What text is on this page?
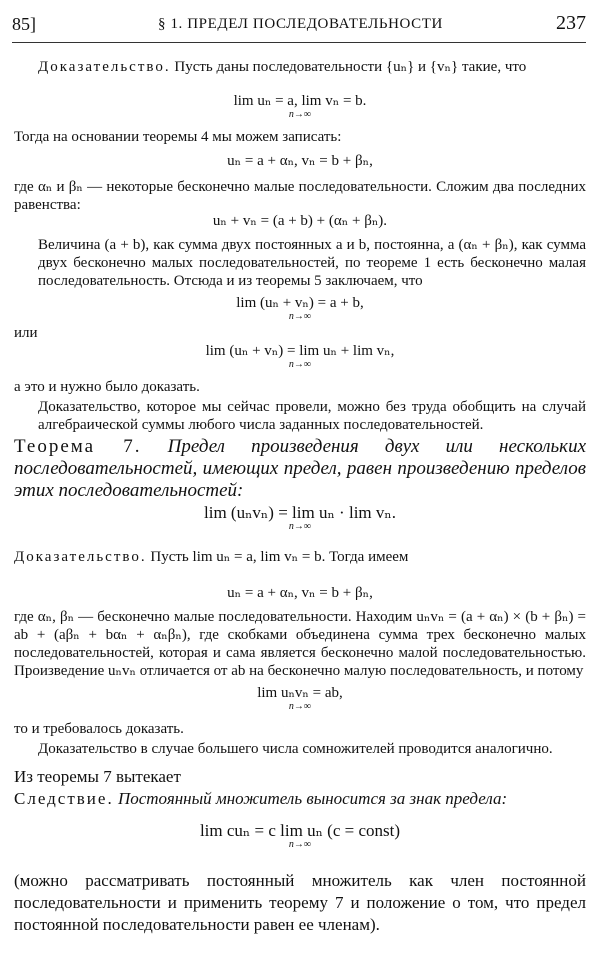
85]	§ 1. ПРЕДЕЛ ПОСЛЕДОВАТЕЛЬНОСТИ	237
Доказательство. Пусть даны последовательности {uₙ} и {vₙ} такие, что
lim uₙ = a, lim vₙ = b.
n→∞
Тогда на основании теоремы 4 мы можем записать:
uₙ = a + αₙ, vₙ = b + βₙ,
где αₙ и βₙ — некоторые бесконечно малые последовательности. Сложим два последних равенства:
uₙ + vₙ = (a + b) + (αₙ + βₙ).
Величина (a + b), как сумма двух постоянных a и b, постоянна, а (αₙ + βₙ), как сумма двух бесконечно малых последовательностей, по теореме 1 есть бесконечно малая последовательность. Отсюда и из теоремы 5 заключаем, что
lim (uₙ + vₙ) = a + b,
n→∞
или
lim (uₙ + vₙ) = lim uₙ + lim vₙ,
n→∞
а это и нужно было доказать.
Доказательство, которое мы сейчас провели, можно без труда обобщить на случай алгебраической суммы любого числа заданных последовательностей.
Теорема 7. Предел произведения двух или нескольких последовательностей, имеющих предел, равен произведению пределов этих последовательностей:
lim (uₙvₙ) = lim uₙ · lim vₙ.
n→∞
Доказательство. Пусть lim uₙ = a, lim vₙ = b. Тогда имеем
uₙ = a + αₙ, vₙ = b + βₙ,
где αₙ, βₙ — бесконечно малые последовательности. Находим uₙvₙ = (a + αₙ) × (b + βₙ) = ab + (aβₙ + bαₙ + αₙβₙ), где скобками объединена сумма трех бесконечно малых последовательностей, которая и сама является бесконечно малой последовательностью. Произведение uₙvₙ отличается от ab на бесконечно малую последовательность, и потому
lim uₙvₙ = ab,
n→∞
то и требовалось доказать.
Доказательство в случае большего числа сомножителей проводится аналогично.
Из теоремы 7 вытекает
Следствие. Постоянный множитель выносится за знак предела:
lim cuₙ = c lim uₙ (c = const)
n→∞
(можно рассматривать постоянный множитель как член постоянной последовательности и применить теорему 7 и положение о том, что предел постоянной последовательности равен ее членам).
